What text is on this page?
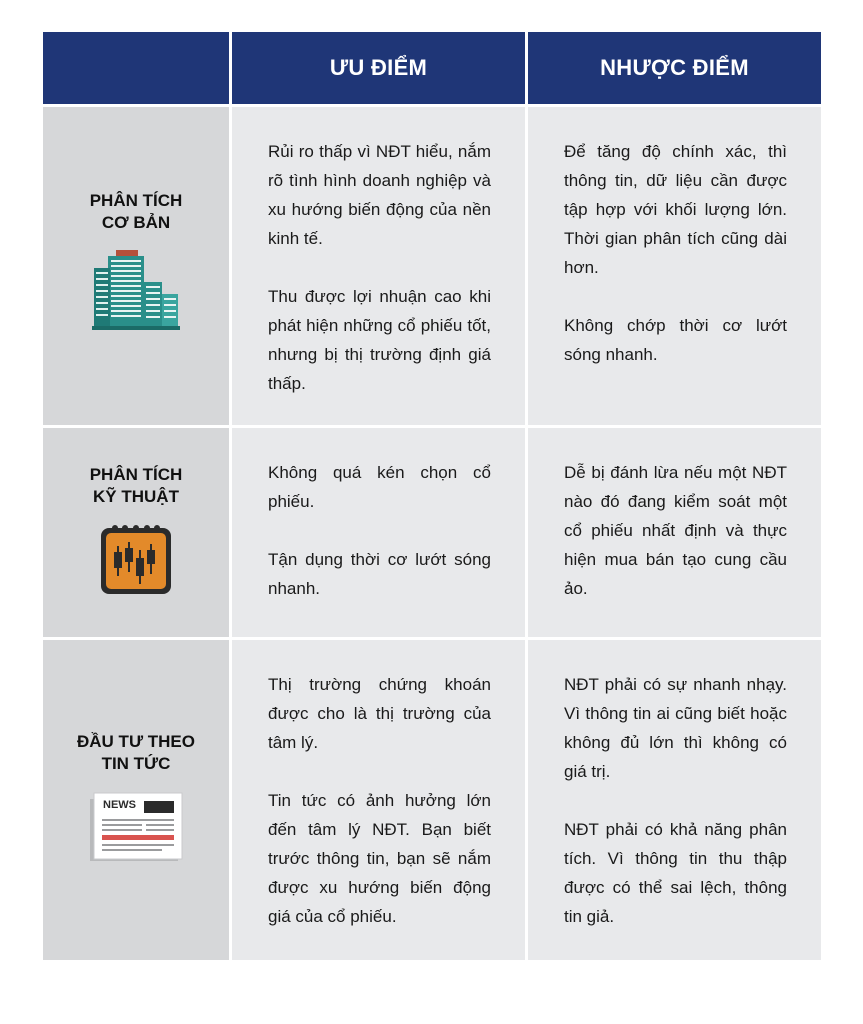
ƯU ĐIỂM	NHƯỢC ĐIỂM
PHÂN TÍCH
CƠ BẢN

Rủi ro thấp vì NĐT hiểu, nắm rõ tình hình doanh nghiệp và xu hướng biến động của nền kinh tế.

Thu được lợi nhuận cao khi phát hiện những cổ phiếu tốt, nhưng bị thị trường định giá thấp.

Để tăng độ chính xác, thì thông tin, dữ liệu cần được tập hợp với khối lượng lớn. Thời gian phân tích cũng dài hơn.

Không chớp thời cơ lướt sóng nhanh.

PHÂN TÍCH
KỸ THUẬT

Không quá kén chọn cổ phiếu.

Tận dụng thời cơ lướt sóng nhanh.

Dễ bị đánh lừa nếu một NĐT nào đó đang kiểm soát một cổ phiếu nhất định và thực hiện mua bán tạo cung cầu ảo.

ĐẦU TƯ THEO
TIN TỨC
NEWS

Thị trường chứng khoán được cho là thị trường của tâm lý.

Tin tức có ảnh hưởng lớn đến tâm lý NĐT. Bạn biết trước thông tin, bạn sẽ nắm được xu hướng biến động giá của cổ phiếu.

NĐT phải có sự nhanh nhạy. Vì thông tin ai cũng biết hoặc không đủ lớn thì không có giá trị.

NĐT phải có khả năng phân tích. Vì thông tin thu thập được có thể sai lệch, thông tin giả.
